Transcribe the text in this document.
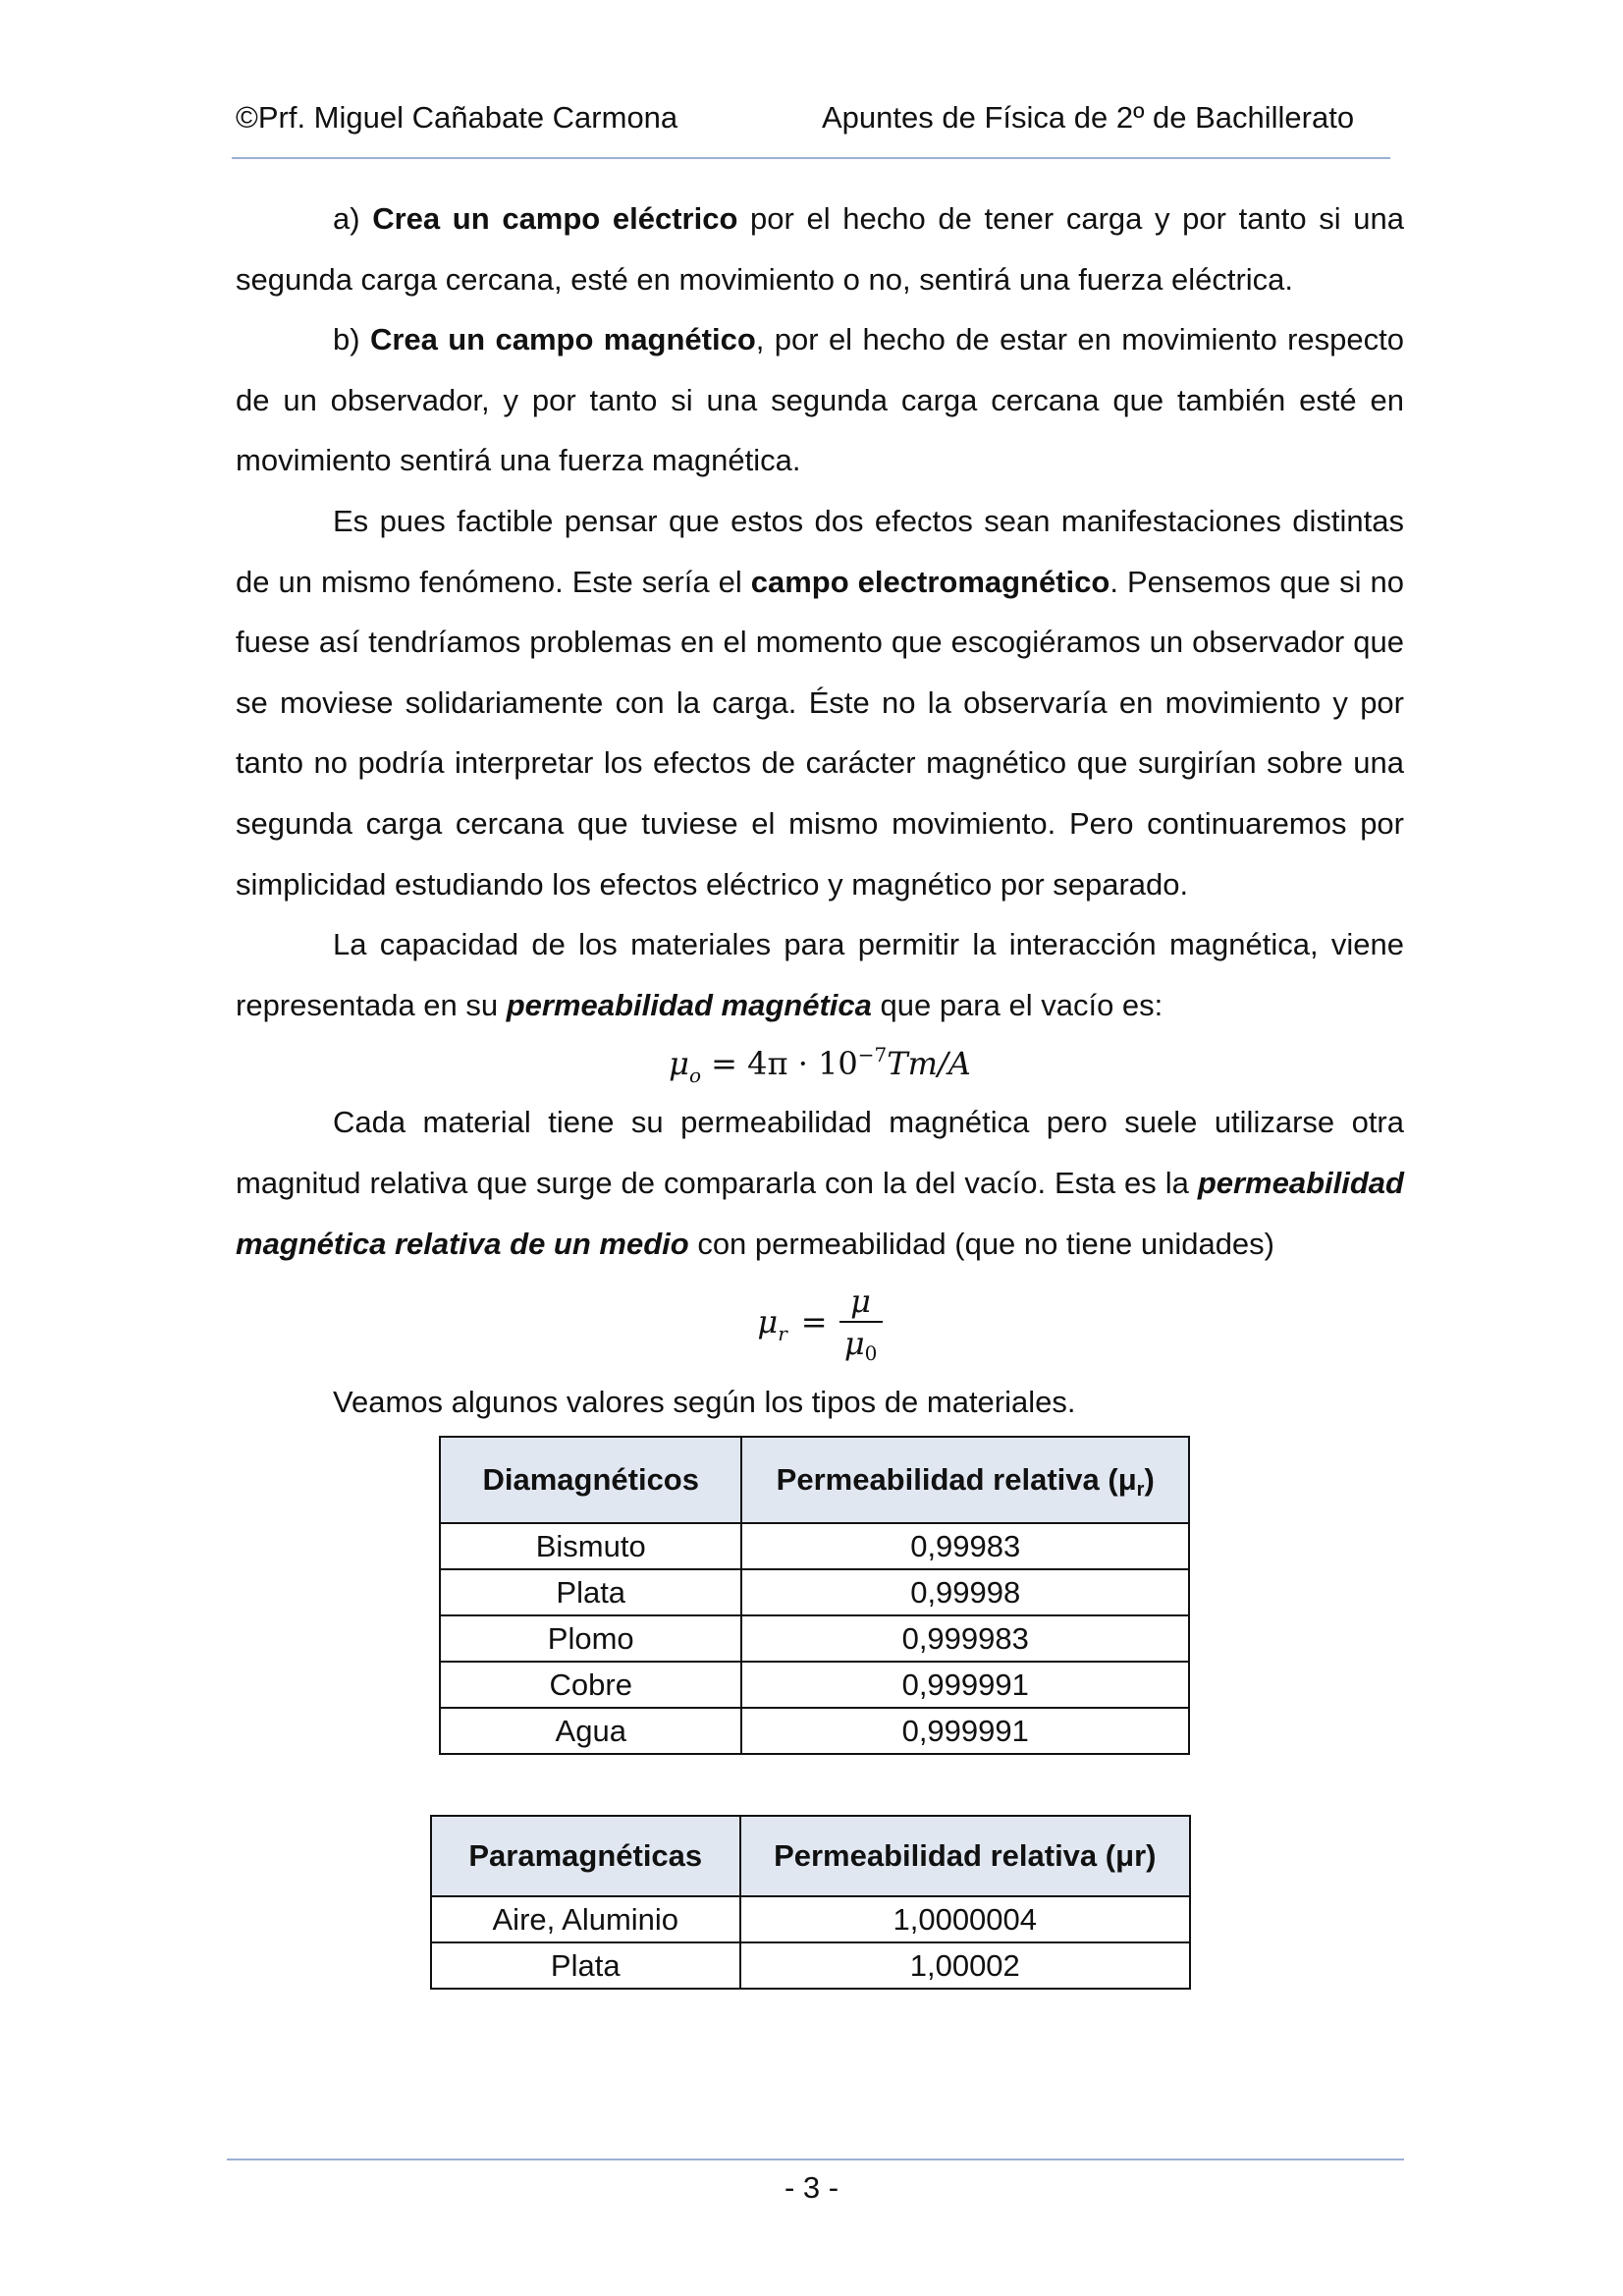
©Prf. Miguel Cañabate Carmona	Apuntes de Física de 2º de Bachillerato

a) Crea un campo eléctrico por el hecho de tener carga y por tanto si una segunda carga cercana, esté en movimiento o no, sentirá una fuerza eléctrica.

b) Crea un campo magnético, por el hecho de estar en movimiento respecto de un observador, y por tanto si una segunda carga cercana que también esté en movimiento sentirá una fuerza magnética.

Es pues factible pensar que estos dos efectos sean manifestaciones distintas de un mismo fenómeno. Este sería el campo electromagnético. Pensemos que si no fuese así tendríamos problemas en el momento que escogiéramos un observador que se moviese solidariamente con la carga. Éste no la observaría en movimiento y por tanto no podría interpretar los efectos de carácter magnético que surgirían sobre una segunda carga cercana que tuviese el mismo movimiento. Pero continuaremos por simplicidad estudiando los efectos eléctrico y magnético por separado.

La capacidad de los materiales para permitir la interacción magnética, viene representada en su permeabilidad magnética que para el vacío es:

$\mu_o = 4\pi \cdot 10^{-7}Tm/A$

Cada material tiene su permeabilidad magnética pero suele utilizarse otra magnitud relativa que surge de compararla con la del vacío. Esta es la permeabilidad magnética relativa de un medio con permeabilidad (que no tiene unidades)

$\mu_r = \frac{\mu}{\mu_0}$

Veamos algunos valores según los tipos de materiales.

Diamagnéticos	Permeabilidad relativa $(\mu_r)$
Bismuto	0,99983
Plata	0,99998
Plomo	0,999983
Cobre	0,999991
Agua	0,999991
Paramagnéticas	Permeabilidad relativa (μr)
Aire, Aluminio	1,0000004
Plata	1,00002
- 3 -
